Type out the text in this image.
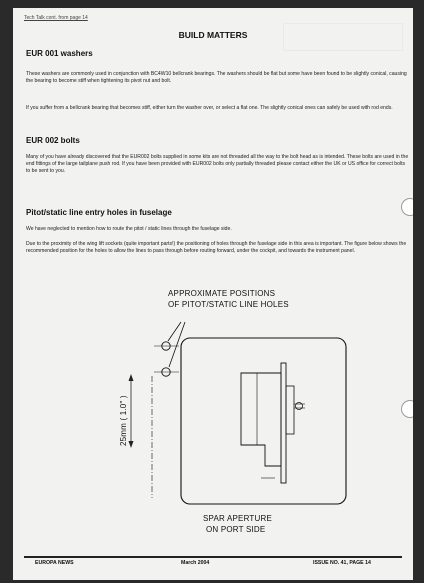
Tech Talk cont. from page 14
BUILD MATTERS
EUR 001 washers
These washers are commonly used in conjunction with BC4W10 bellcrank bearings. The washers should be flat but some have been found to be slightly conical, causing the bearing to become stiff when tightening its pivot nut and bolt.
If you suffer from a bellcrank bearing that becomes stiff, either turn the washer over, or select a flat one. The slightly conical ones can safely be used with rod ends.
EUR 002 bolts
Many of you have already discovered that the EUR002 bolts supplied in some kits are not threaded all the way to the bolt head as is intended. These bolts are used in the end fittings of the large tailplane push rod. If you have been provided with EUR002 bolts only partially threaded please contact either the UK or US office for correct bolts to be sent to you.
Pitot/static line entry holes in fuselage
We have neglected to mention how to route the pitot / static lines through the fuselage side.
Due to the proximity of the wing lift sockets (quite important parts!) the positioning of holes through the fuselage side in this area is important. The figure below shows the recommended position for the holes to allow the lines to pass through before routing forward, under the cockpit, and towards the instrument panel.
25mm ( 1.0" )
APPROXIMATE POSITIONS
OF PITOT/STATIC LINE HOLES
SPAR APERTURE
ON PORT SIDE
EUROPA NEWS	March 2004	ISSUE NO. 41, PAGE 14
